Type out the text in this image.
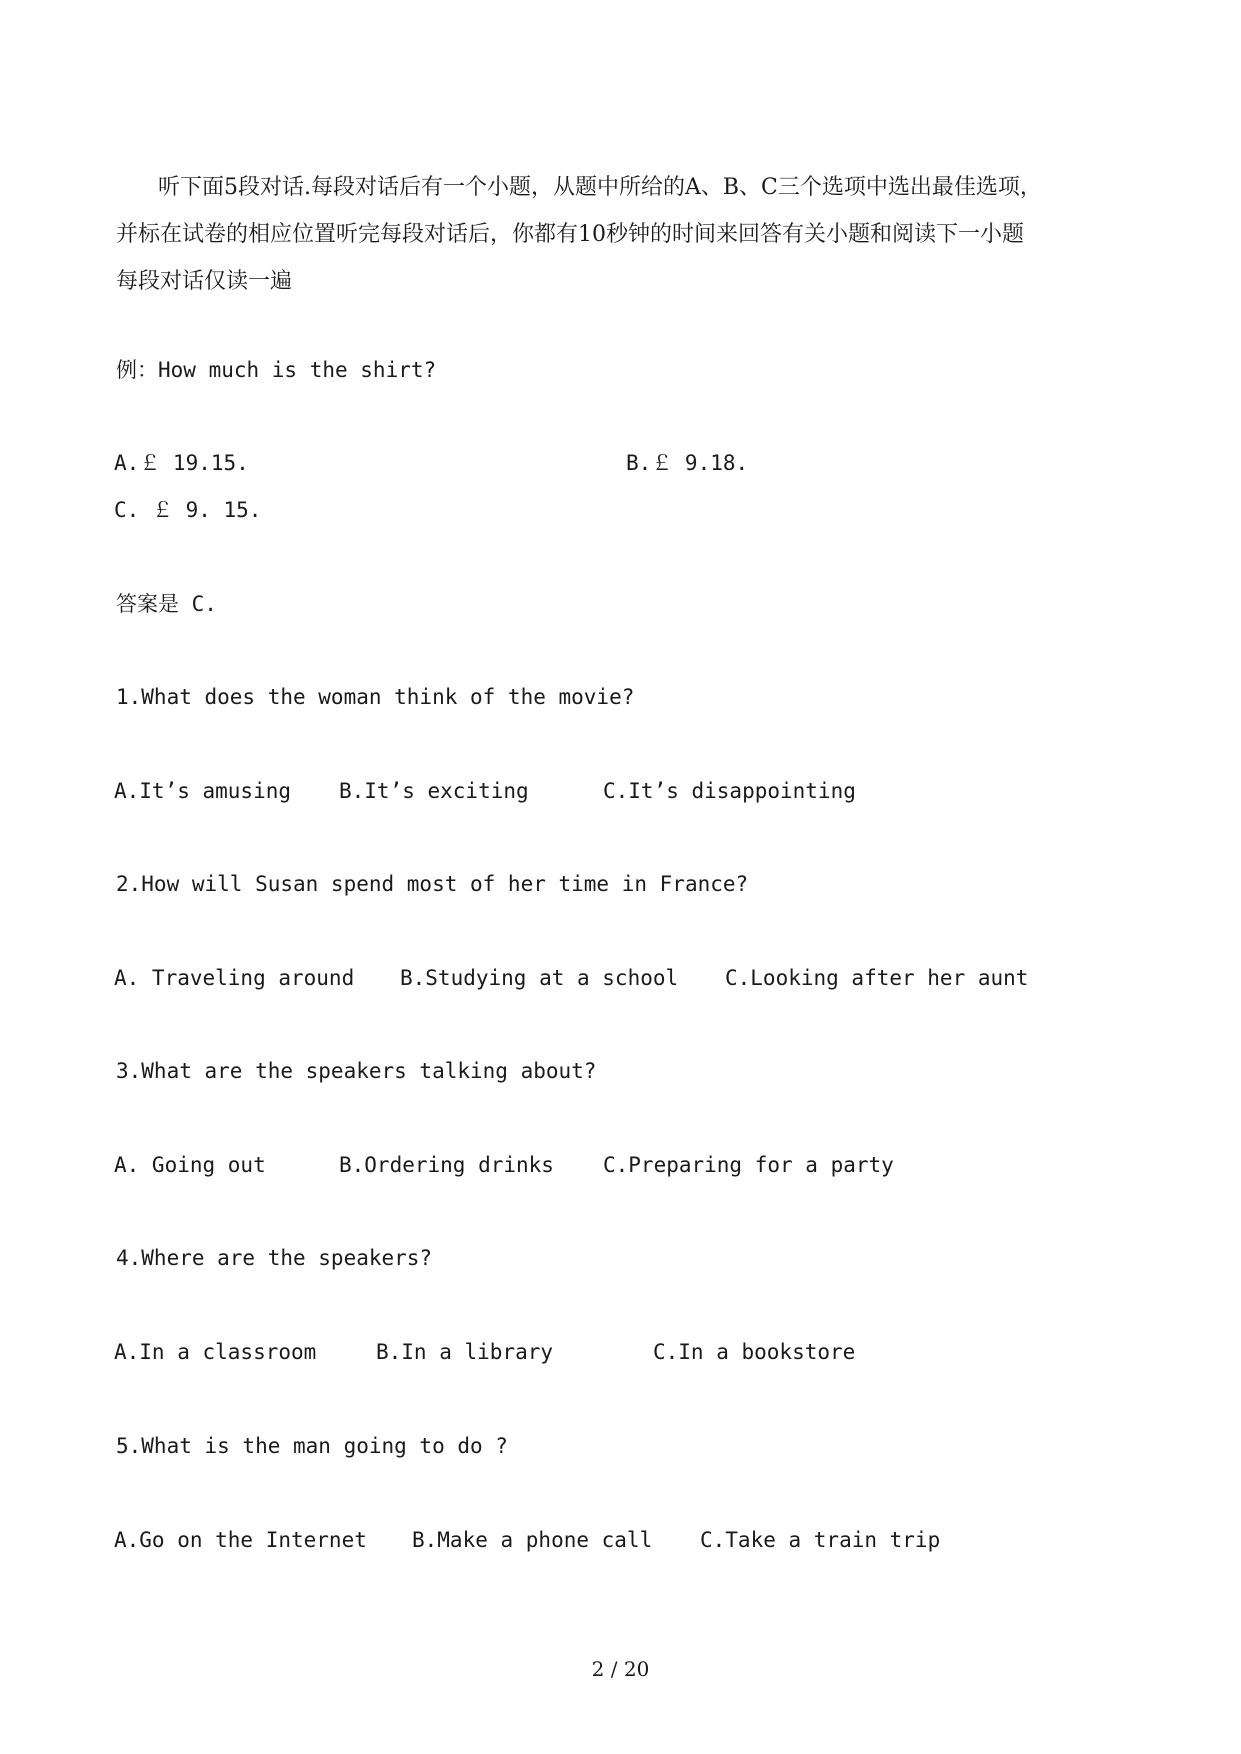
听下面5段对话.每段对话后有一个小题，从题中所给的A、B、C三个选项中选出最佳选项，

并标在试卷的相应位置听完每段对话后，你都有10秒钟的时间来回答有关小题和阅读下一小题

每段对话仅读一遍

例：How much is the shirt?
A.￡ 19.15.	B.￡ 9.18.
C. ￡ 9. 15.
答案是 C.
1.What does the woman think of the movie?
A.It’s amusing B.It’s exciting	C.It’s disappointing
2.How will Susan spend most of her time in France?
A. Traveling around B.Studying at a school C.Looking after her aunt
3.What are the speakers talking about?
A. Going out	B.Ordering drinks C.Preparing for a party
4.Where are the speakers?
A.In a classroom	B.In a library	C.In a bookstore
5.What is the man going to do ?
A.Go on the Internet B.Make a phone call C.Take a train trip
2 / 20
